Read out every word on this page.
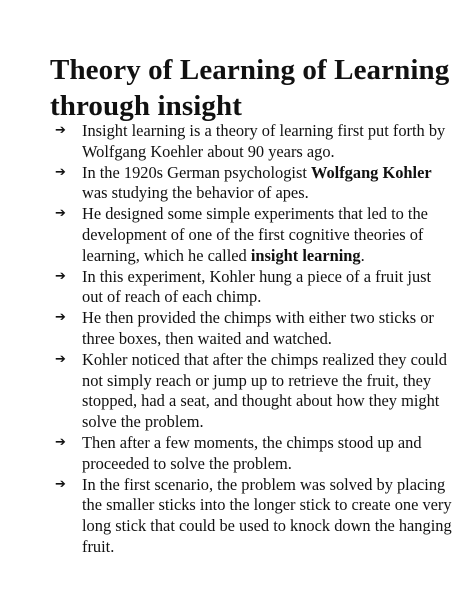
Theory of Learning of Learning through insight
➔ Insight learning is a theory of learning first put forth by Wolfgang Koehler about 90 years ago.
➔ In the 1920s German psychologist Wolfgang Kohler was studying the behavior of apes.
➔ He designed some simple experiments that led to the development of one of the first cognitive theories of learning, which he called insight learning.
➔ In this experiment, Kohler hung a piece of a fruit just out of reach of each chimp.
➔ He then provided the chimps with either two sticks or three boxes, then waited and watched.
➔ Kohler noticed that after the chimps realized they could not simply reach or jump up to retrieve the fruit, they stopped, had a seat, and thought about how they might solve the problem.
➔ Then after a few moments, the chimps stood up and proceeded to solve the problem.
➔ In the first scenario, the problem was solved by placing the smaller sticks into the longer stick to create one very long stick that could be used to knock down the hanging fruit.
